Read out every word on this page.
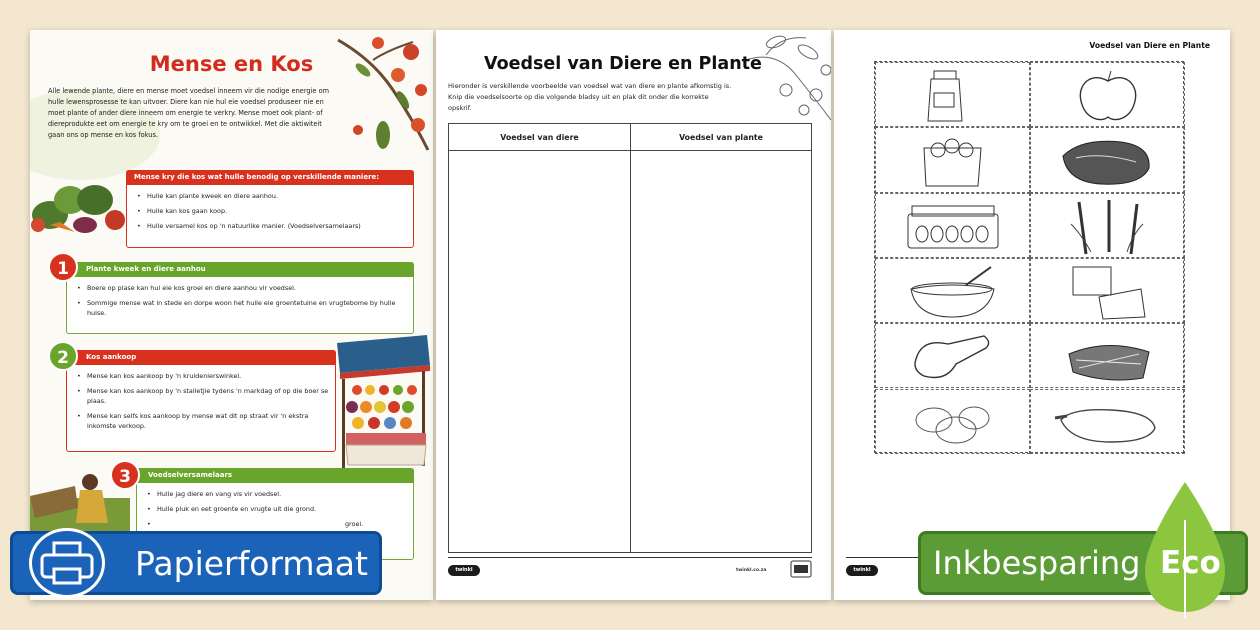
Mense en Kos
Alle lewende plante, diere en mense moet voedsel inneem vir die nodige energie om hulle lewensprosesse te kan uitvoer. Diere kan nie hul eie voedsel produseer nie en moet plante of ander diere inneem om energie te verkry. Mense moet ook plant- of diereprodukte eet om energie te kry om te groei en te ontwikkel. Met die aktiwiteit gaan ons op mense en kos fokus.
Mense kry die kos wat hulle benodig op verskillende maniere:
• Hulle kan plante kweek en diere aanhou.
• Hulle kan kos gaan koop.
• Hulle versamel kos op 'n natuurlike manier. (Voedselversamelaars)
Plante kweek en diere aanhou
• Boere op plase kan hul eie kos groei en diere aanhou vir voedsel.
• Sommige mense wat in stede en dorpe woon het hulle eie groentetuine en vrugtebome by hulle huise.
1
Kos aankoop
• Mense kan kos aankoop by 'n kruidenierswinkel.
• Mense kan kos aankoop by 'n stalletjie tydens 'n markdag of op die boer se plaas.
• Mense kan selfs kos aankoop by mense wat dit op straat vir 'n ekstra inkomste verkoop.
2
Voedselversamelaars
• Hulle jag diere en vang vis vir voedsel.
• Hulle pluk en eet groente en vrugte uit die grond.
• groei.
3
Voedsel van Diere en Plante
Hieronder is verskillende voorbeelde van voedsel wat van diere en plante afkomstig is. Knip die voedselsoorte op die volgende bladsy uit en plak dit onder die korrekte opskrif.
Voedsel van diere	Voedsel van plante
twinkl	twinkl.co.za
Voedsel van Diere en Plante
twinkl
Papierformaat	Inkbesparing Eco
